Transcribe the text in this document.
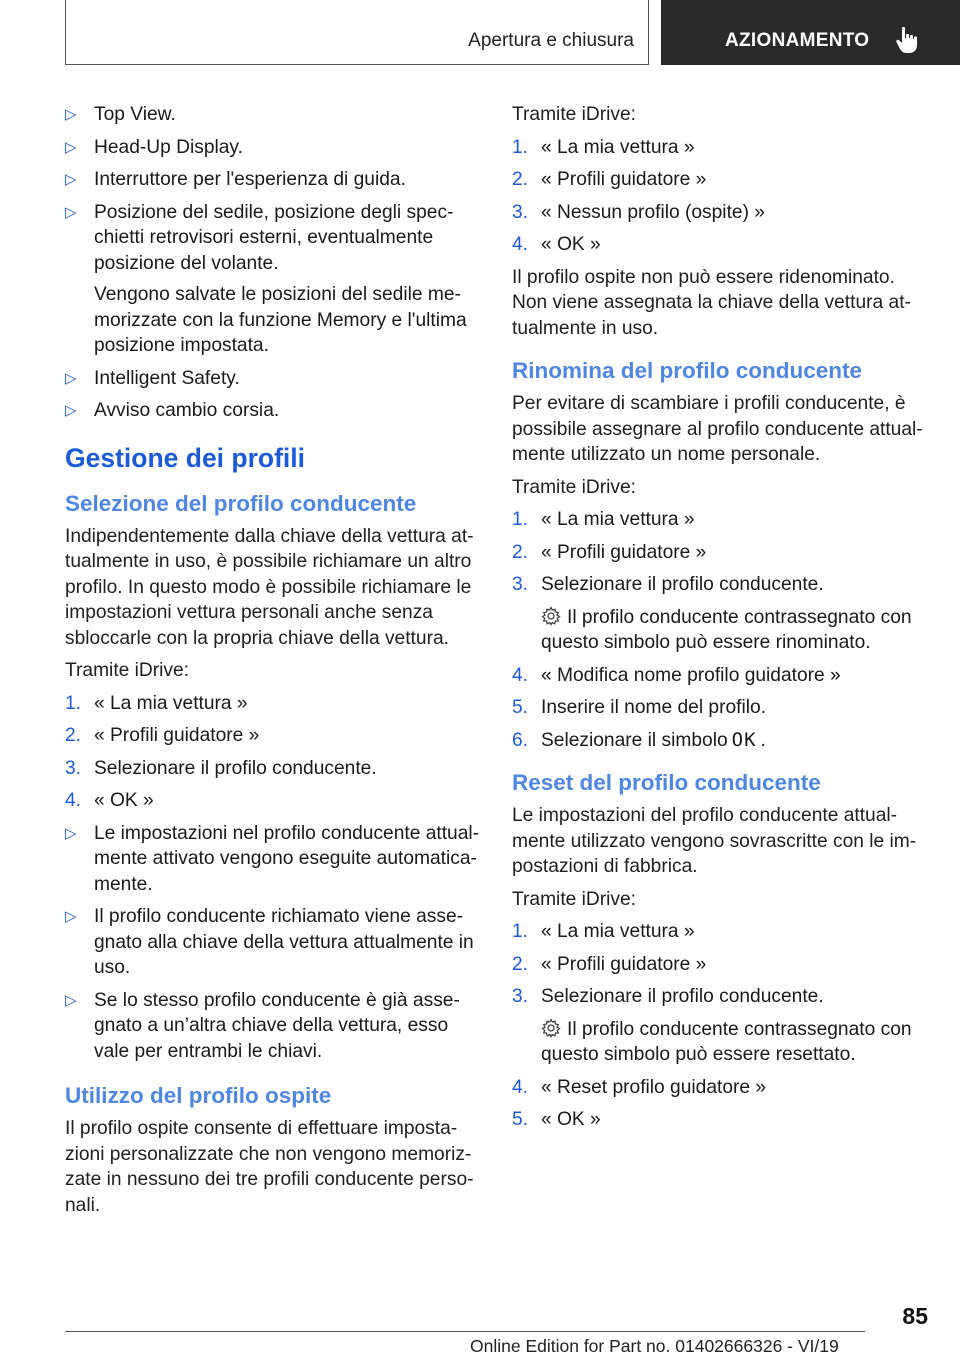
Apertura e chiusura	AZIONAMENTO
▷ Top View.
▷ Head-Up Display.
▷ Interruttore per l'esperienza di guida.
▷ Posizione del sedile, posizione degli specchietti retrovisori esterni, eventualmente posizione del volante.
Vengono salvate le posizioni del sedile memorizzate con la funzione Memory e l'ultima posizione impostata.
▷ Intelligent Safety.
▷ Avviso cambio corsia.
Gestione dei profili
Selezione del profilo conducente
Indipendentemente dalla chiave della vettura attualmente in uso, è possibile richiamare un altro profilo. In questo modo è possibile richiamare le impostazioni vettura personali anche senza sbloccarle con la propria chiave della vettura.
Tramite iDrive:
1. « La mia vettura »
2. « Profili guidatore »
3. Selezionare il profilo conducente.
4. « OK »
▷ Le impostazioni nel profilo conducente attualmente attivato vengono eseguite automaticamente.
▷ Il profilo conducente richiamato viene assegnato alla chiave della vettura attualmente in uso.
▷ Se lo stesso profilo conducente è già assegnato a un’altra chiave della vettura, esso vale per entrambi le chiavi.
Utilizzo del profilo ospite
Il profilo ospite consente di effettuare impostazioni personalizzate che non vengono memorizzate in nessuno dei tre profili conducente personali.
Tramite iDrive:
1. « La mia vettura »
2. « Profili guidatore »
3. « Nessun profilo (ospite) »
4. « OK »
Il profilo ospite non può essere ridenominato. Non viene assegnata la chiave della vettura attualmente in uso.
Rinomina del profilo conducente
Per evitare di scambiare i profili conducente, è possibile assegnare al profilo conducente attualmente utilizzato un nome personale.
Tramite iDrive:
1. « La mia vettura »
2. « Profili guidatore »
3. Selezionare il profilo conducente.
Il profilo conducente contrassegnato con questo simbolo può essere rinominato.
4. « Modifica nome profilo guidatore »
5. Inserire il nome del profilo.
6. Selezionare il simbolo OK .
Reset del profilo conducente
Le impostazioni del profilo conducente attualmente utilizzato vengono sovrascritte con le impostazioni di fabbrica.
Tramite iDrive:
1. « La mia vettura »
2. « Profili guidatore »
3. Selezionare il profilo conducente.
Il profilo conducente contrassegnato con questo simbolo può essere resettato.
4. « Reset profilo guidatore »
5. « OK »
85
Online Edition for Part no. 01402666326 - VI/19
